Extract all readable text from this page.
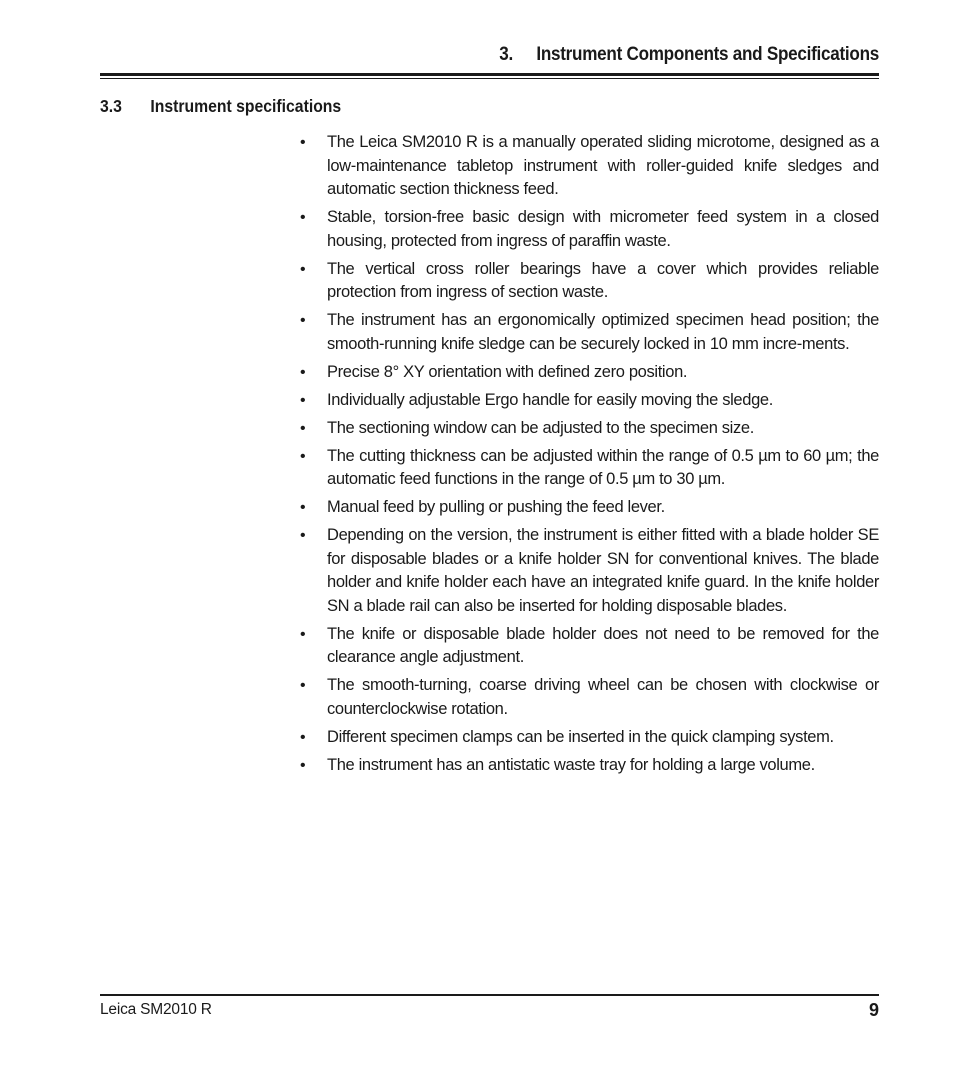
3. Instrument Components and Specifications
3.3 Instrument specifications
• The Leica SM2010 R is a manually operated sliding microtome, designed as a low-maintenance tabletop instrument with roller-guided knife sledges and automatic section thickness feed.
• Stable, torsion-free basic design with micrometer feed system in a closed housing, protected from ingress of paraffin waste.
• The vertical cross roller bearings have a cover which provides reliable protection from ingress of section waste.
• The instrument has an ergonomically optimized specimen head position; the smooth-running knife sledge can be securely locked in 10 mm incre-ments.
• Precise 8° XY orientation with defined zero position.
• Individually adjustable Ergo handle for easily moving the sledge.
• The sectioning window can be adjusted to the specimen size.
• The cutting thickness can be adjusted within the range of 0.5 µm to 60 µm; the automatic feed functions in the range of 0.5 µm to 30 µm.
• Manual feed by pulling or pushing the feed lever.
• Depending on the version, the instrument is either fitted with a blade holder SE for disposable blades or a knife holder SN for conventional knives. The blade holder and knife holder each have an integrated knife guard. In the knife holder SN a blade rail can also be inserted for holding disposable blades.
• The knife or disposable blade holder does not need to be removed for the clearance angle adjustment.
• The smooth-turning, coarse driving wheel can be chosen with clockwise or counterclockwise rotation.
• Different specimen clamps can be inserted in the quick clamping system.
• The instrument has an antistatic waste tray for holding a large volume.
Leica SM2010 R	9
